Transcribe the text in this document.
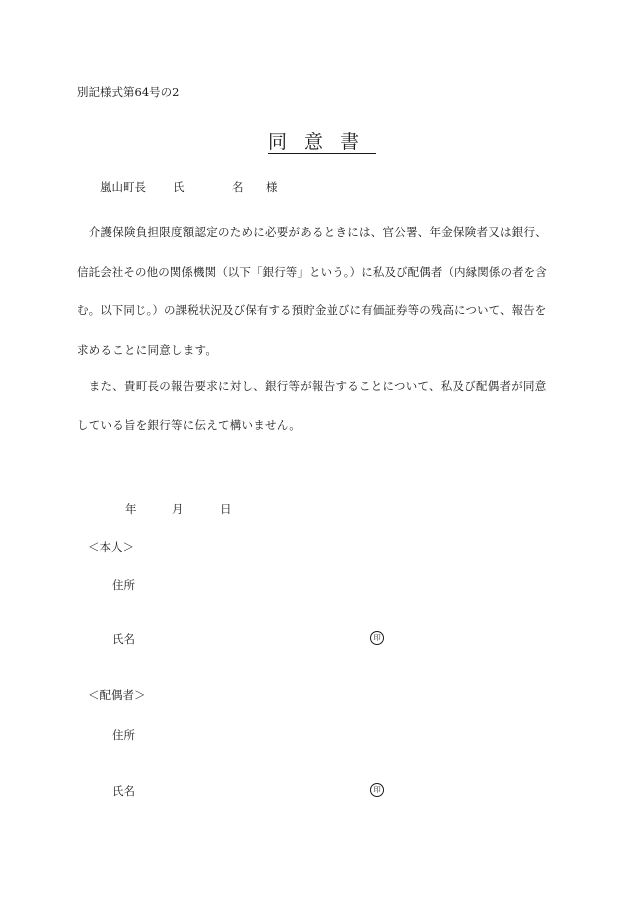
別記様式第64号の2
同意書
嵐山町長 氏	名 様
　介護保険負担限度額認定のために必要があるときには、官公署、年金保険者又は銀行、
信託会社その他の関係機関（以下「銀行等」という。）に私及び配偶者（内縁関係の者を含
む。以下同じ。）の課税状況及び保有する預貯金並びに有価証券等の残高について、報告を
求めることに同意します。
　また、貴町長の報告要求に対し、銀行等が報告することについて、私及び配偶者が同意
している旨を銀行等に伝えて構いません。
年	月	日
＜本人＞
住所
氏名	印
＜配偶者＞
住所
氏名	印
